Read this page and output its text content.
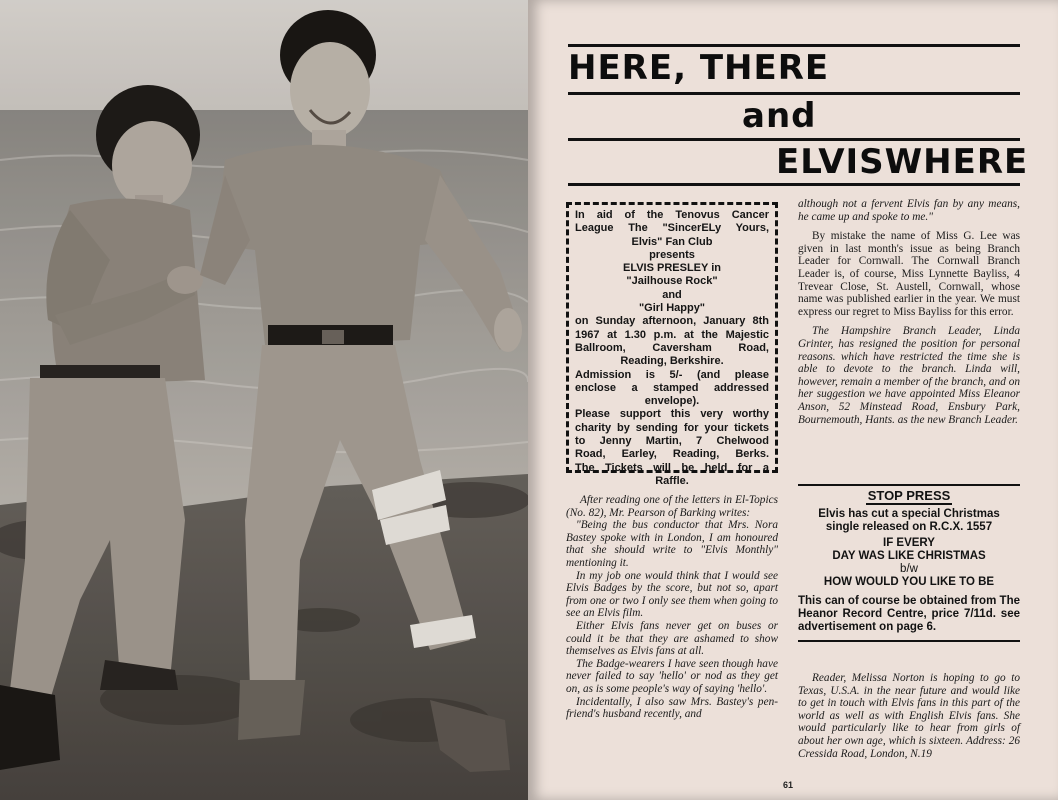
HERE, THERE
and
ELVISWHERE
In aid of the Tenovus Cancer
League The "SincerELy Yours,
Elvis" Fan Club
presents
ELVIS PRESLEY in
"Jailhouse Rock"
and
"Girl Happy"
on Sunday afternoon, January 8th
1967 at 1.30 p.m. at the Majestic
Ballroom, Caversham Road,
Reading, Berkshire.
Admission is 5/- (and please
enclose a stamped addressed
envelope).
Please support this very worthy
charity by sending for your tickets
to Jenny Martin, 7 Chelwood
Road, Earley, Reading, Berks.
The Tickets will be held for a
Raffle.

After reading one of the letters in El-Topics (No. 82), Mr. Pearson of Barking writes:

"Being the bus conductor that Mrs. Nora Bastey spoke with in London, I am honoured that she should write to "Elvis Monthly" mentioning it.

In my job one would think that I would see Elvis Badges by the score, but not so, apart from one or two I only see them when going to see an Elvis film.

Either Elvis fans never get on buses or could it be that they are ashamed to show themselves as Elvis fans at all.

The Badge-wearers I have seen though have never failed to say 'hello' or nod as they get on, as is some people's way of saying 'hello'.

Incidentally, I also saw Mrs. Bastey's pen-friend's husband recently, and

although not a fervent Elvis fan by any means, he came up and spoke to me."

By mistake the name of Miss G. Lee was given in last month's issue as being Branch Leader for Cornwall. The Cornwall Branch Leader is, of course, Miss Lynnette Bayliss, 4 Trevear Close, St. Austell, Cornwall, whose name was published earlier in the year. We must express our regret to Miss Bayliss for this error.

The Hampshire Branch Leader, Linda Grinter, has resigned the position for personal reasons. which have restricted the time she is able to devote to the branch. Linda will, however, remain a member of the branch, and on her suggestion we have appointed Miss Eleanor Anson, 52 Minstead Road, Ensbury Park, Bournemouth, Hants. as the new Branch Leader.

STOP PRESS
Elvis has cut a special Christmas
single released on R.C.X. 1557
IF EVERY
DAY WAS LIKE CHRISTMAS
b/w
HOW WOULD YOU LIKE TO BE
This can of course be obtained from The Heanor Record Centre, price 7/11d. see advertisement on page 6.
Reader, Melissa Norton is hoping to go to Texas, U.S.A. in the near future and would like to get in touch with Elvis fans in this part of the world as well as with English Elvis fans. She would particularly like to hear from girls of about her own age, which is sixteen. Address: 26 Cressida Road, London, N.19
61
